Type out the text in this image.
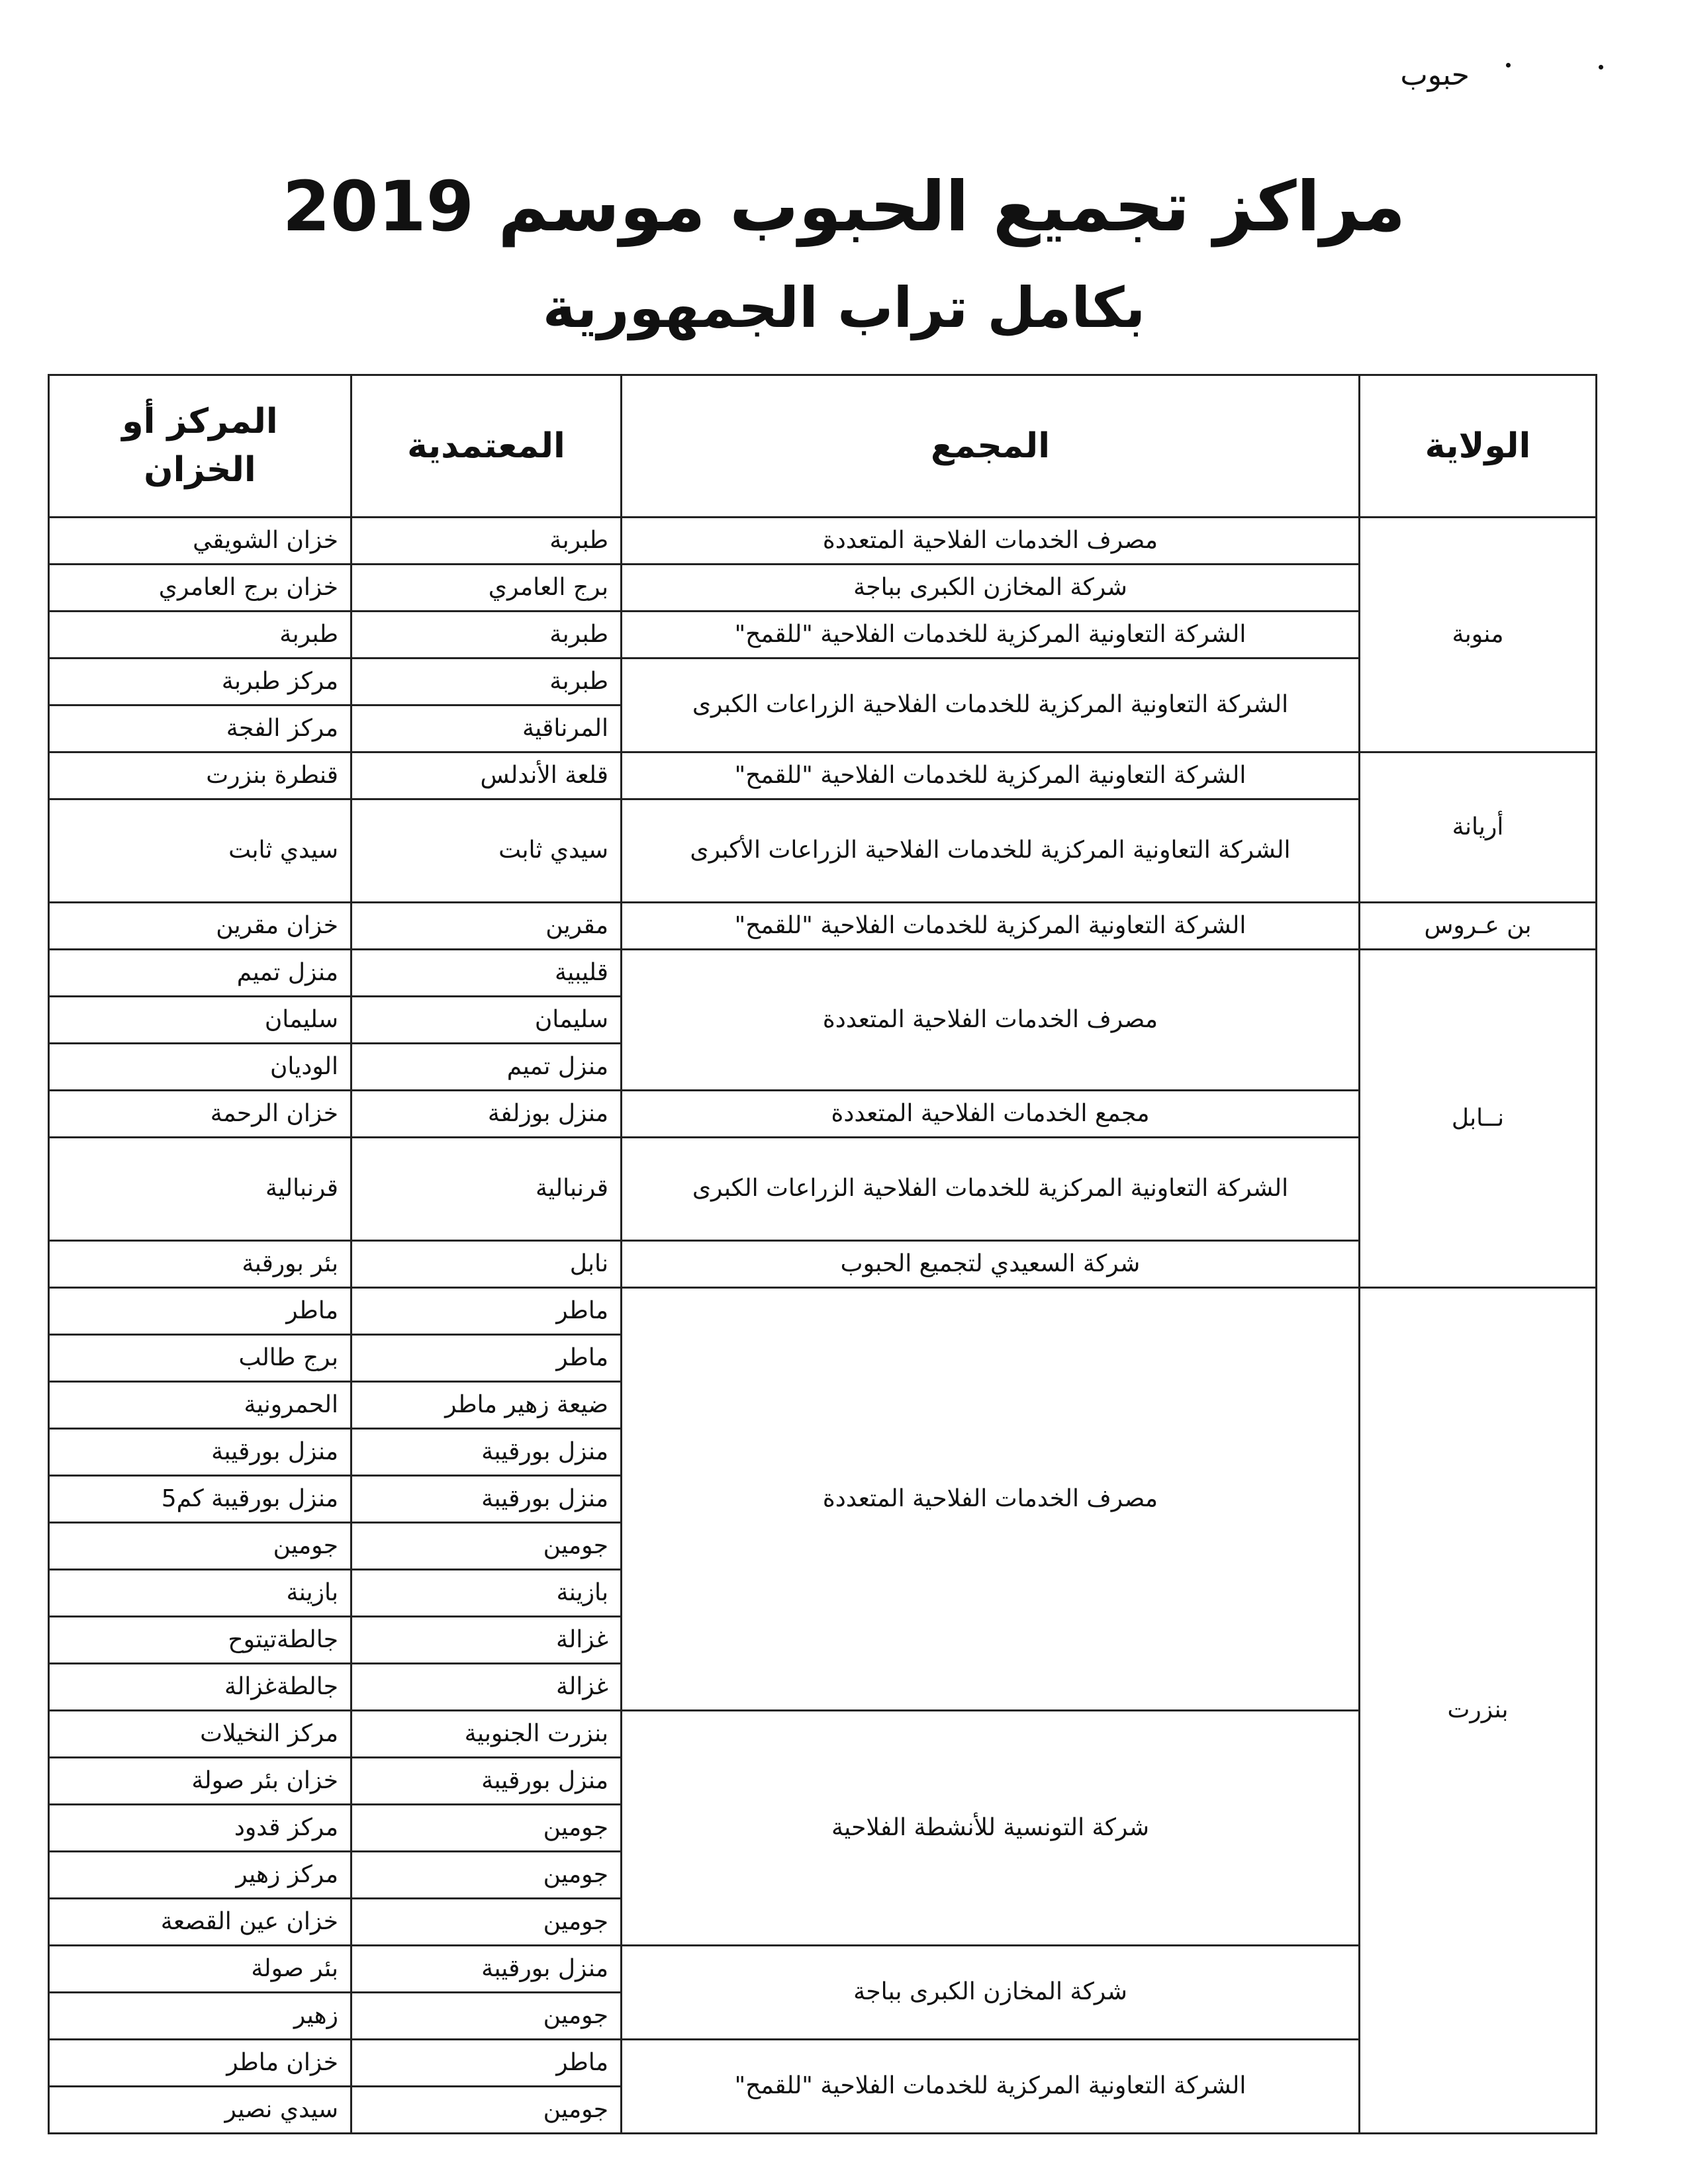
حبوب
مراكز تجميع الحبوب موسم 2019
بكامل تراب الجمهورية
الولاية	المجمع	المعتمدية	المركز أو الخزان
منوبة	مصرف الخدمات الفلاحية المتعددة	طبربة	خزان الشويقي
	شركة المخازن الكبرى بباجة	برج العامري	خزان برج العامري
	الشركة التعاونية المركزية للخدمات الفلاحية "للقمح"	طبربة	طبربة
	الشركة التعاونية المركزية للخدمات الفلاحية الزراعات الكبرى	طبربة	مركز طبربة
		المرناقية	مركز الفجة
أريانة	الشركة التعاونية المركزية للخدمات الفلاحية "للقمح"	قلعة الأندلس	قنطرة بنزرت
	الشركة التعاونية المركزية للخدمات الفلاحية الزراعات الأكبرى	سيدي ثابت	سيدي ثابت
بن عـروس	الشركة التعاونية المركزية للخدمات الفلاحية "للقمح"	مقرين	خزان مقرين
نــابل	مصرف الخدمات الفلاحية المتعددة	قليبية	منزل تميم
		سليمان	سليمان
		منزل تميم	الوديان
	مجمع الخدمات الفلاحية المتعددة	منزل بوزلفة	خزان الرحمة
	الشركة التعاونية المركزية للخدمات الفلاحية الزراعات الكبرى	قرنبالية	قرنبالية
	شركة السعيدي لتجميع الحبوب	نابل	بئر بورقبة
بنزرت	مصرف الخدمات الفلاحية المتعددة	ماطر	ماطر
		ماطر	برج طالب
		ضيعة زهير ماطر	الحمرونية
		منزل بورقيبة	منزل بورقيبة
		منزل بورقيبة	منزل بورقيبة كم5
		جومين	جومين
		بازينة	بازينة
		غزالة	جالطةتيتوح
		غزالة	جالطةغزالة
	شركة التونسية للأنشطة الفلاحية	بنزرت الجنوبية	مركز النخيلات
		منزل بورقيبة	خزان بئر صولة
		جومين	مركز قدود
		جومين	مركز زهير
		جومين	خزان عين القصعة
	شركة المخازن الكبرى بباجة	منزل بورقيبة	بئر صولة
		جومين	زهير
	الشركة التعاونية المركزية للخدمات الفلاحية "للقمح"	ماطر	خزان ماطر
		جومين	سيدي نصير
